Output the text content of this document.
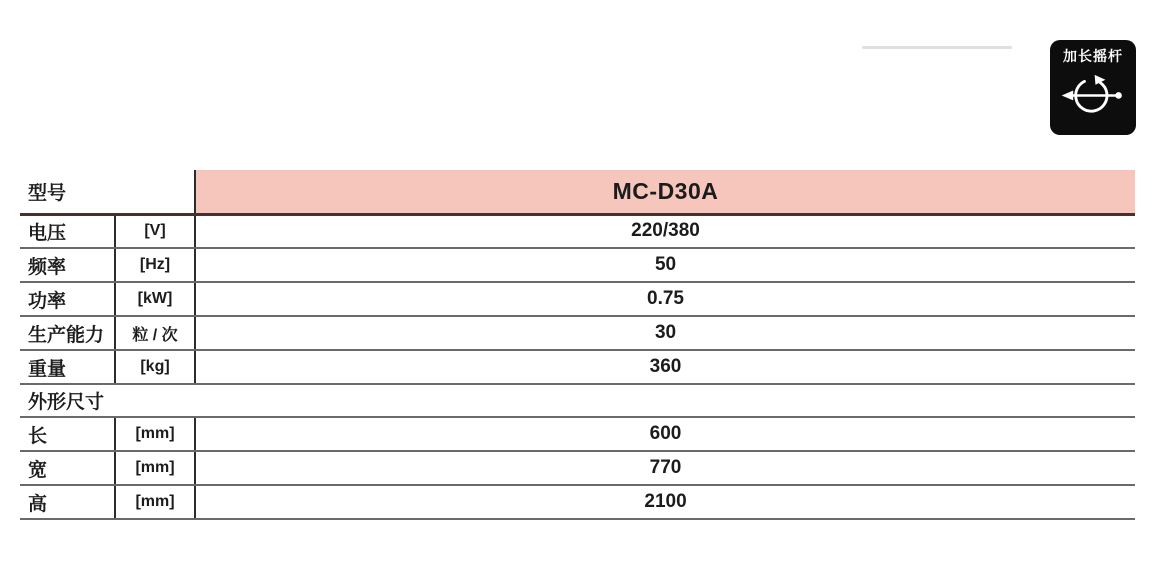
加长摇杆
型号		MC-D30A
电压	[V]	220/380
频率	[Hz]	50
功率	[kW]	0.75
生产能力	粒 / 次	30
重量	[kg]	360
外形尺寸		
长	[mm]	600
宽	[mm]	770
高	[mm]	2100
